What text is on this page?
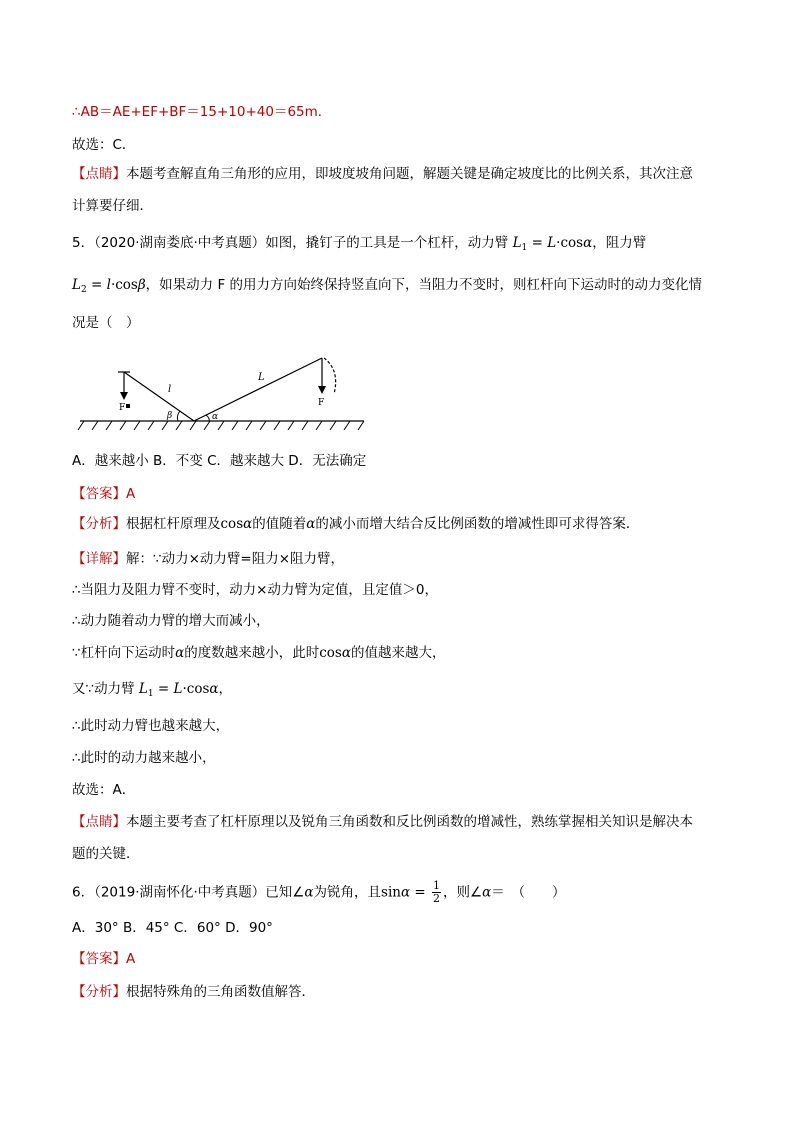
∴AB＝AE+EF+BF＝15+10+40＝65m．
故选：C．
【点睛】本题考查解直角三角形的应用，即坡度坡角问题，解题关键是确定坡度比的比例关系，其次注意
计算要仔细．
5．（2020·湖南娄底·中考真题）如图，撬钉子的工具是一个杠杆，动力臂 $L_1 = L\cdot\cos\alpha$，阻力臂
$L_2 = l\cdot\cos\beta$，如果动力 F 的用力方向始终保持竖直向下，当阻力不变时，则杠杆向下运动时的动力变化情
况是（　）
F	F
l
L
β	α
A．越来越小 B．不变 C．越来越大 D．无法确定
【答案】A
【分析】根据杠杆原理及cosα的值随着α的减小而增大结合反比例函数的增减性即可求得答案．
【详解】解：∵动力×动力臂=阻力×阻力臂，
∴当阻力及阻力臂不变时，动力×动力臂为定值，且定值＞0，
∴动力随着动力臂的增大而减小，
∵杠杆向下运动时α的度数越来越小，此时cosα的值越来越大，
又∵动力臂 $L_1 = L\cdot\cos\alpha$，
∴此时动力臂也越来越大，
∴此时的动力越来越小，
故选：A．
【点睛】本题主要考查了杠杆原理以及锐角三角函数和反比例函数的增减性，熟练掌握相关知识是解决本
题的关键．
6．（2019·湖南怀化·中考真题）已知∠α为锐角，且$\sin\alpha = \frac{1}{2}$ ，则∠α＝　（　　）
A．30° B．45° C．60° D．90°
【答案】A
【分析】根据特殊角的三角函数值解答．
